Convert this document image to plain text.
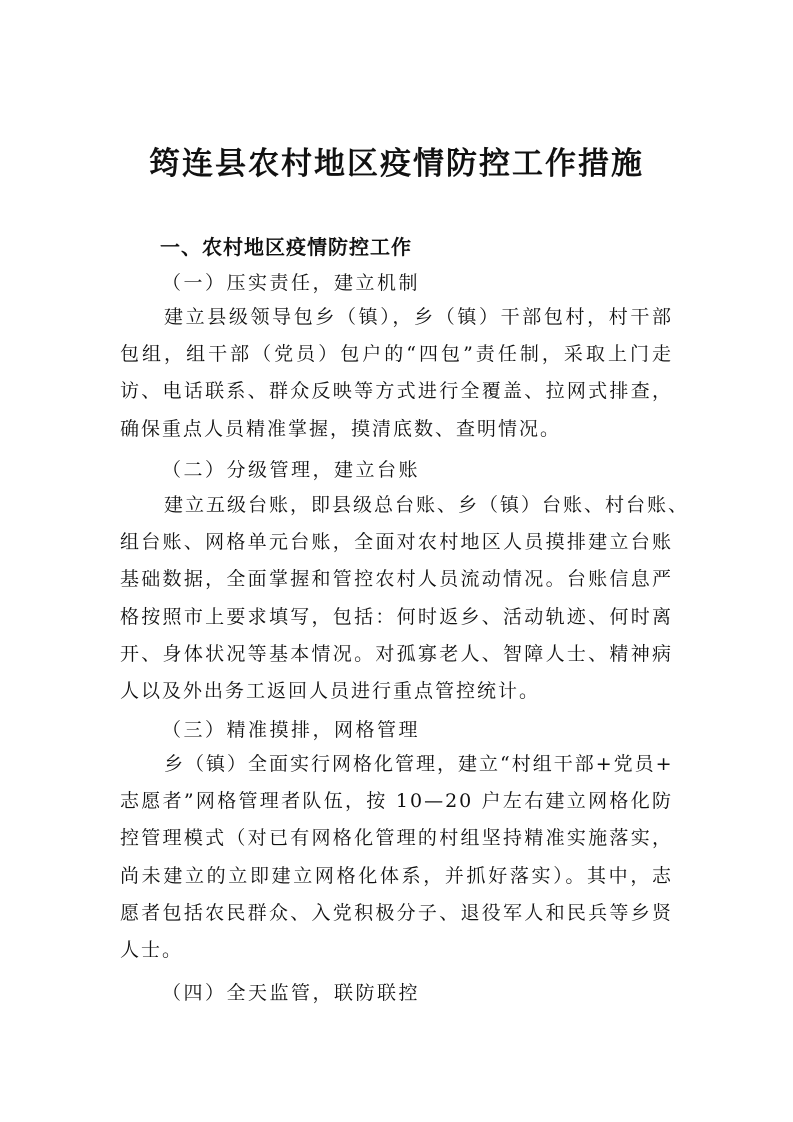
筠连县农村地区疫情防控工作措施
一、农村地区疫情防控工作
（一）压实责任，建立机制
建立县级领导包乡（镇），乡（镇）干部包村，村干部
包组，组干部（党员）包户的“四包”责任制，采取上门走
访、电话联系、群众反映等方式进行全覆盖、拉网式排查，
确保重点人员精准掌握，摸清底数、查明情况。
（二）分级管理，建立台账
建立五级台账，即县级总台账、乡（镇）台账、村台账、
组台账、网格单元台账，全面对农村地区人员摸排建立台账
基础数据，全面掌握和管控农村人员流动情况。台账信息严
格按照市上要求填写，包括：何时返乡、活动轨迹、何时离
开、身体状况等基本情况。对孤寡老人、智障人士、精神病
人以及外出务工返回人员进行重点管控统计。
（三）精准摸排，网格管理
乡（镇）全面实行网格化管理，建立“村组干部+党员+
志愿者”网格管理者队伍，按 10—20 户左右建立网格化防
控管理模式（对已有网格化管理的村组坚持精准实施落实，
尚未建立的立即建立网格化体系，并抓好落实）。其中，志
愿者包括农民群众、入党积极分子、退役军人和民兵等乡贤
人士。
（四）全天监管，联防联控
